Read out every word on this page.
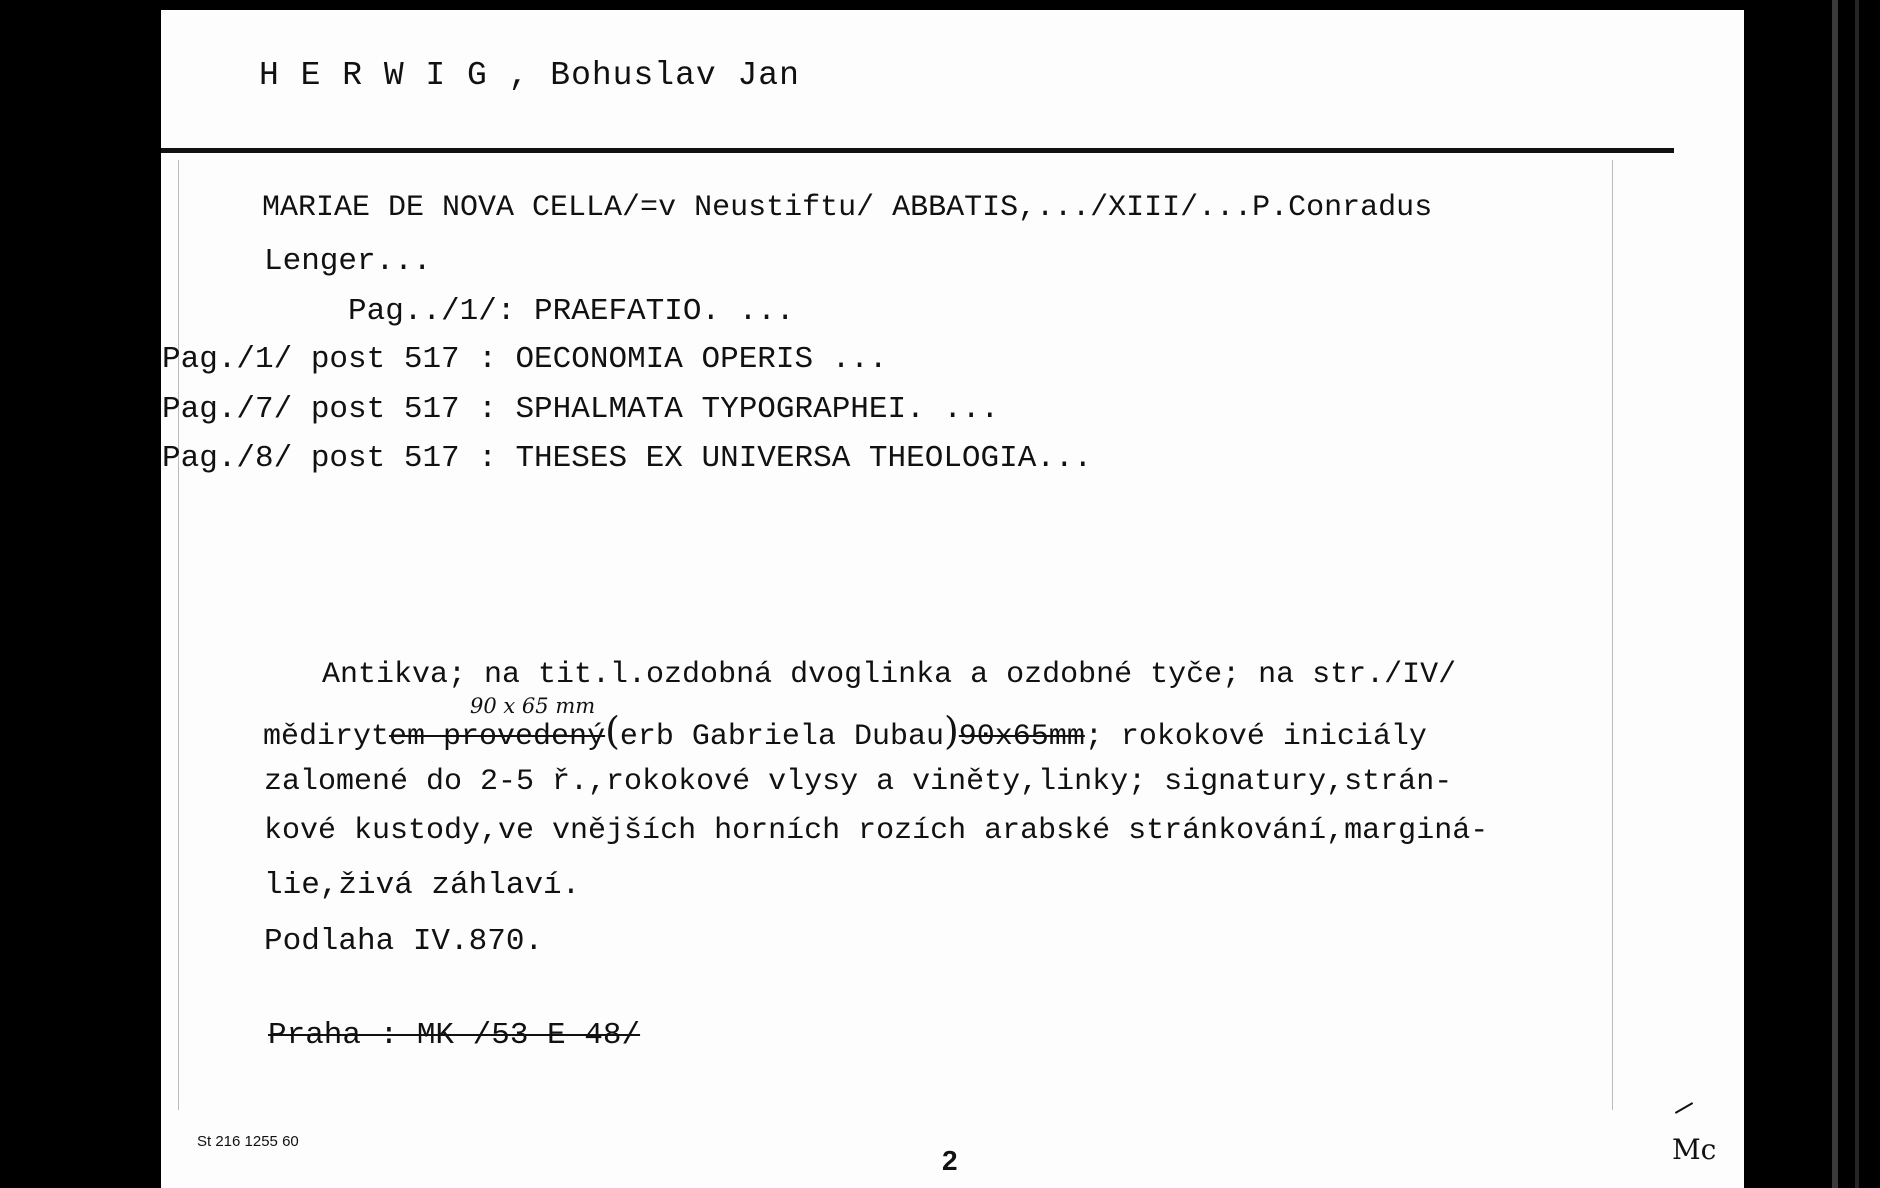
H E R W I G , Bohuslav Jan
MARIAE DE NOVA CELLA/=v Neustiftu/ ABBATIS,.../XIII/...P.Conradus
Lenger...
Pag../1/: PRAEFATIO. ...
Pag./1/ post 517 : OECONOMIA OPERIS ...
Pag./7/ post 517 : SPHALMATA TYPOGRAPHEI. ...
Pag./8/ post 517 : THESES EX UNIVERSA THEOLOGIA...
Antikva; na tit.l.ozdobná dvoglinka a ozdobné tyče; na str./IV/
90 x 65 mm
mědirytem provedený(erb Gabriela Dubau)90x65mm; rokokové iniciály
zalomené do 2-5 ř.,rokokové vlysy a viněty,linky; signatury,strán-
kové kustody,ve vnějších horních rozích arabské stránkování,marginá-
lie,živá záhlaví.
Podlaha IV.870.
Praha : MK /53 E 48/
St 216 1255 60
2	Mc
